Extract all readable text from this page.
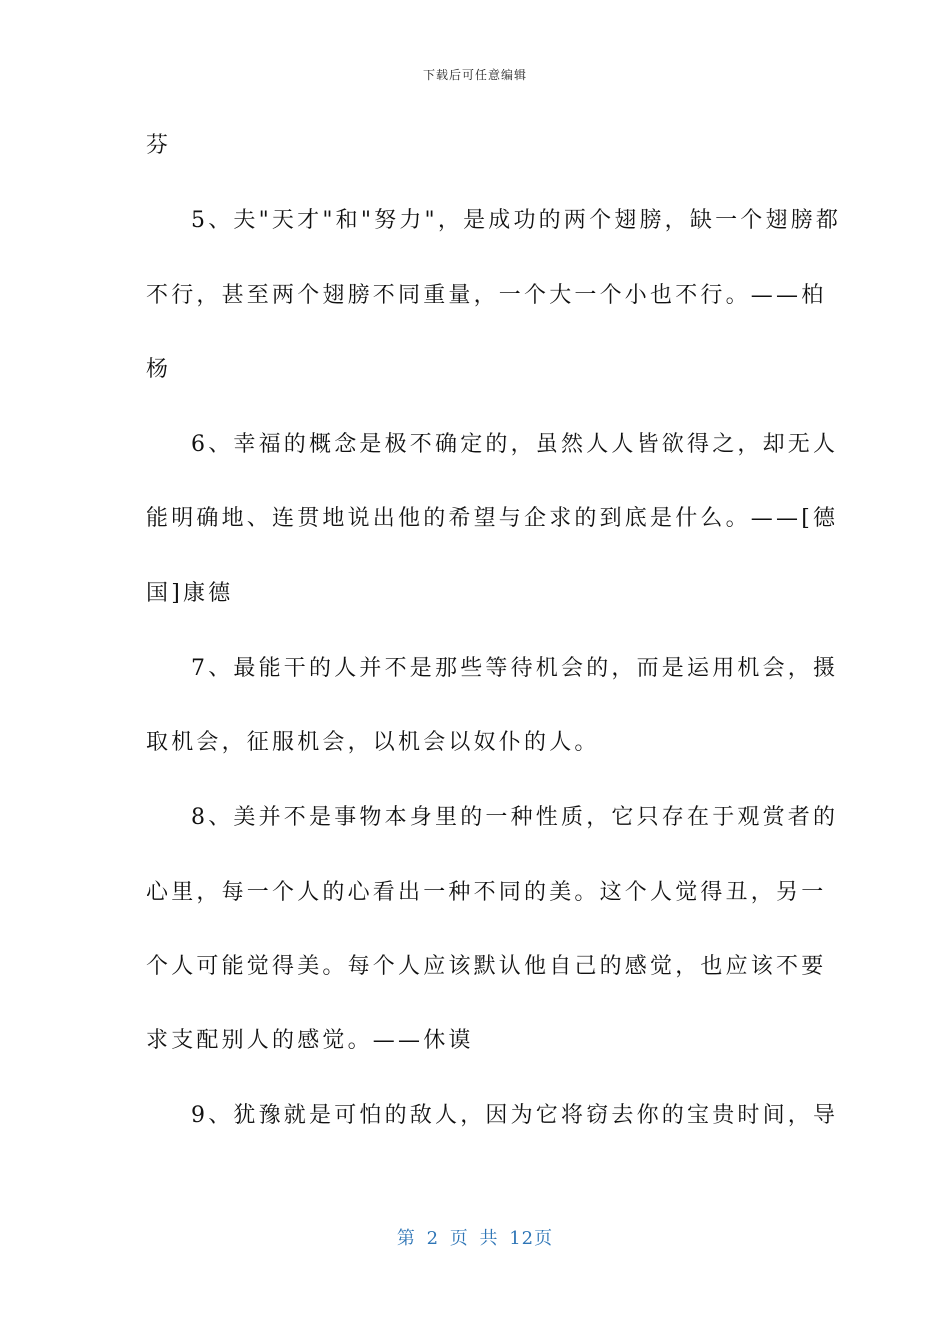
下载后可任意编辑
芬
5、夫"天才"和"努力"，是成功的两个翅膀，缺一个翅膀都
不行，甚至两个翅膀不同重量，一个大一个小也不行。——柏
杨
6、幸福的概念是极不确定的，虽然人人皆欲得之，却无人
能明确地、连贯地说出他的希望与企求的到底是什么。——[德
国]康德
7、最能干的人并不是那些等待机会的，而是运用机会，摄
取机会，征服机会，以机会以奴仆的人。
8、美并不是事物本身里的一种性质，它只存在于观赏者的
心里，每一个人的心看出一种不同的美。这个人觉得丑，另一
个人可能觉得美。每个人应该默认他自己的感觉，也应该不要
求支配别人的感觉。——休谟
9、犹豫就是可怕的敌人，因为它将窃去你的宝贵时间，导
第 2 页 共 12页
